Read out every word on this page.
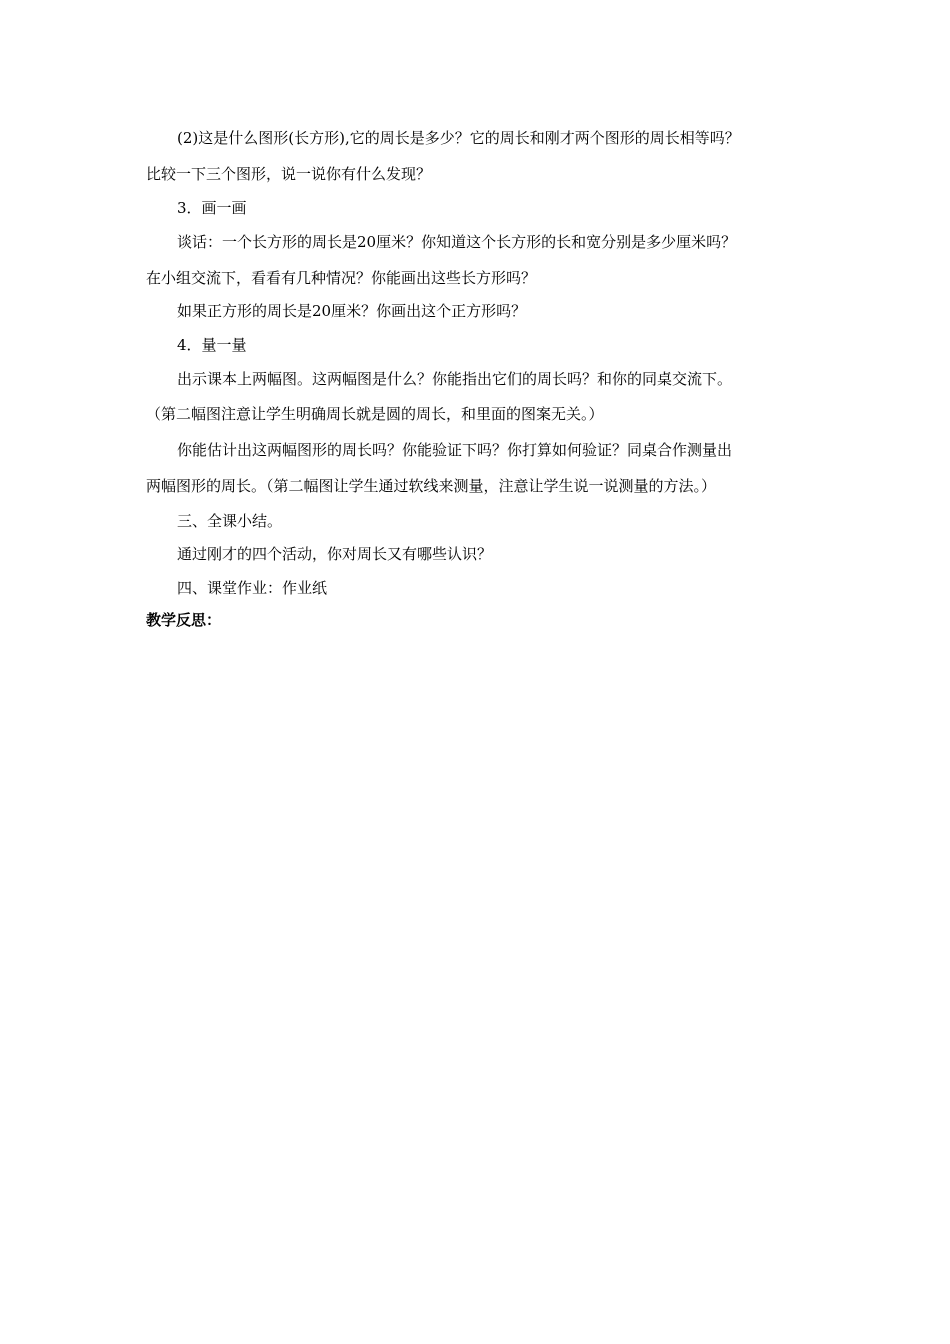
(2)这是什么图形(长方形),它的周长是多少？它的周长和刚才两个图形的周长相等吗？
比较一下三个图形，说一说你有什么发现？
3．画一画
谈话：一个长方形的周长是20厘米？你知道这个长方形的长和宽分别是多少厘米吗？
在小组交流下，看看有几种情况？你能画出这些长方形吗？
如果正方形的周长是20厘米？你画出这个正方形吗？
4．量一量
出示课本上两幅图。这两幅图是什么？你能指出它们的周长吗？和你的同桌交流下。
（第二幅图注意让学生明确周长就是圆的周长，和里面的图案无关。）
你能估计出这两幅图形的周长吗？你能验证下吗？你打算如何验证？同桌合作测量出
两幅图形的周长。（第二幅图让学生通过软线来测量，注意让学生说一说测量的方法。）
三、全课小结。
通过刚才的四个活动，你对周长又有哪些认识？
四、课堂作业：作业纸
教学反思：
